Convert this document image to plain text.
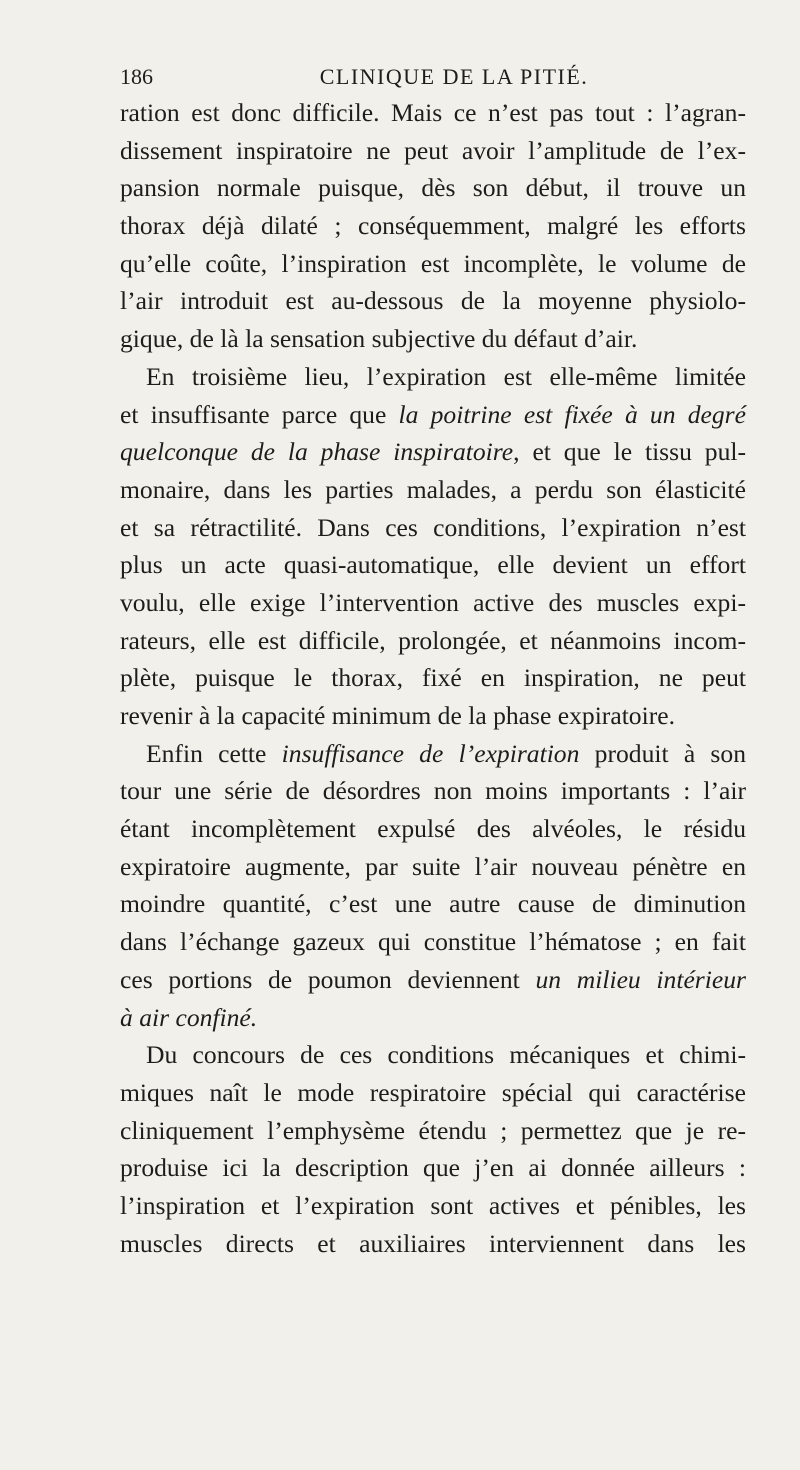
186	CLINIQUE DE LA PITIÉ.
ration est donc difficile. Mais ce n’est pas tout : l’agran-
dissement inspiratoire ne peut avoir l’amplitude de l’ex-
pansion normale puisque, dès son début, il trouve un
thorax déjà dilaté ; conséquemment, malgré les efforts
qu’elle coûte, l’inspiration est incomplète, le volume de
l’air introduit est au-dessous de la moyenne physiolo-
gique, de là la sensation subjective du défaut d’air.
En troisième lieu, l’expiration est elle-même limitée
et insuffisante parce que la poitrine est fixée à un degré
quelconque de la phase inspiratoire, et que le tissu pul-
monaire, dans les parties malades, a perdu son élasticité
et sa rétractilité. Dans ces conditions, l’expiration n’est
plus un acte quasi-automatique, elle devient un effort
voulu, elle exige l’intervention active des muscles expi-
rateurs, elle est difficile, prolongée, et néanmoins incom-
plète, puisque le thorax, fixé en inspiration, ne peut
revenir à la capacité minimum de la phase expiratoire.
Enfin cette insuffisance de l’expiration produit à son
tour une série de désordres non moins importants : l’air
étant incomplètement expulsé des alvéoles, le résidu
expiratoire augmente, par suite l’air nouveau pénètre en
moindre quantité, c’est une autre cause de diminution
dans l’échange gazeux qui constitue l’hématose ; en fait
ces portions de poumon deviennent un milieu intérieur
à air confiné.
Du concours de ces conditions mécaniques et chimi-
miques naît le mode respiratoire spécial qui caractérise
cliniquement l’emphysème étendu ; permettez que je re-
produise ici la description que j’en ai donnée ailleurs :
l’inspiration et l’expiration sont actives et pénibles, les
muscles directs et auxiliaires interviennent dans les
